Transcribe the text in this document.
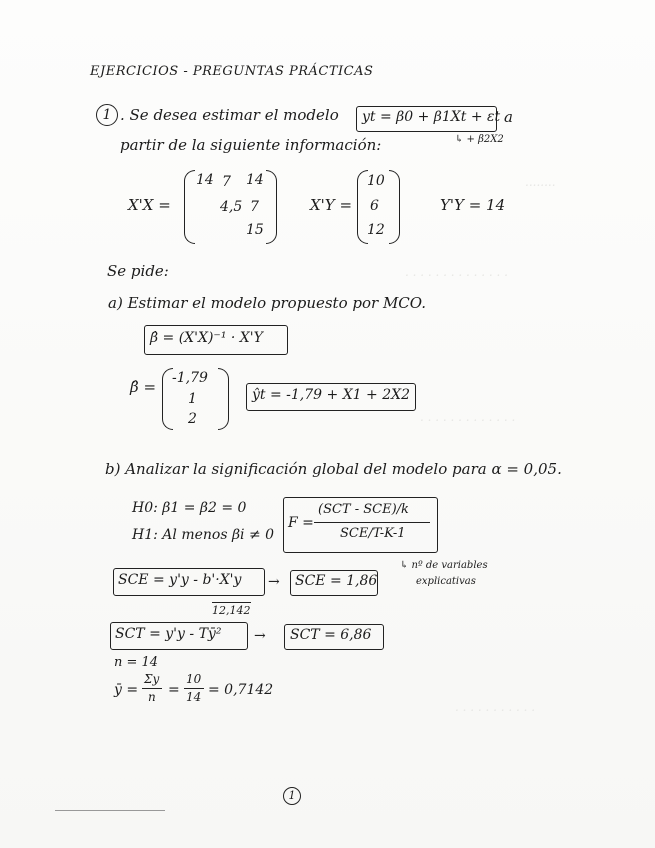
........
. . . . . . . . . . . . . .
. . . . . . . . . . . . .
. . . . . . . . . . .
EJERCICIOS - PREGUNTAS PRÁCTICAS
1 . Se desea estimar el modelo yt = β0 + β1Xt + εt a
↳ + β2X2
partir de la siguiente información:
X'X =
14 7 14
4,5 7
15
X'Y =
10
6
12
Y'Y = 14
Se pide:
a) Estimar el modelo propuesto por MCO.
β̂ = (X'X)⁻¹ · X'Y
β̂ = -1,79
1
2
ŷt = -1,79 + X1 + 2X2
b) Analizar la significación global del modelo para α = 0,05.
H0: β1 = β2 = 0
H1: Al menos βi ≠ 0
F =
(SCT - SCE)/k
SCE/T-K-1
↳ nº de variables
explicativas
SCE = y'y - b'·X'y
12,142
→ SCE = 1,86
SCT = y'y - Tȳ² → SCT = 6,86
n = 14
ȳ =
Σy
n =
10
14 = 0,7142
1
